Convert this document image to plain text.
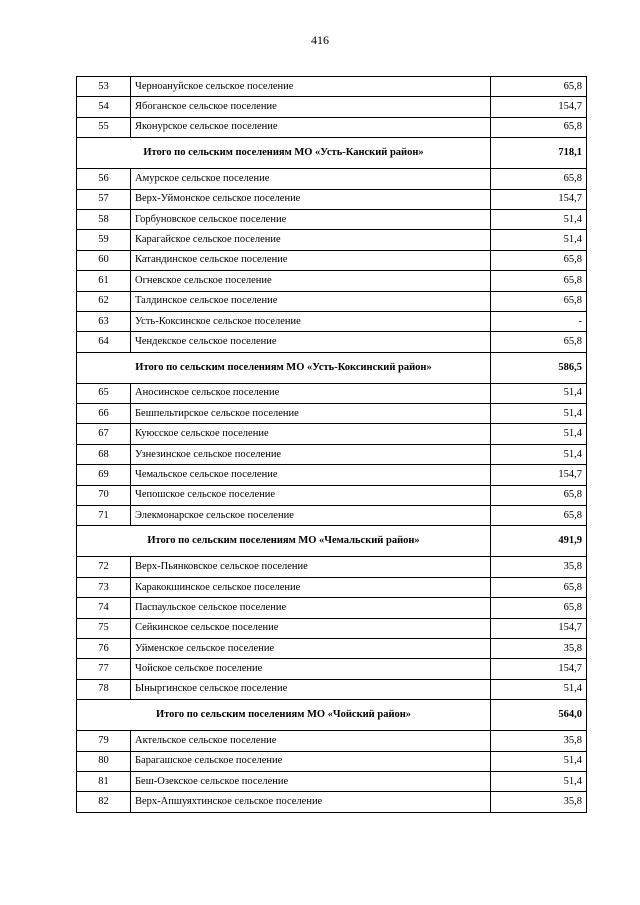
416
53	Черноануйское сельское поселение	65,8
54	Ябоганское сельское поселение	154,7
55	Яконурское сельское поселение	65,8
Итого по сельским поселениям МО «Усть-Канский район»		718,1
56	Амурское сельское поселение	65,8
57	Верх-Уймонское сельское поселение	154,7
58	Горбуновское сельское поселение	51,4
59	Карагайское сельское поселение	51,4
60	Катандинское сельское поселение	65,8
61	Огневское сельское поселение	65,8
62	Талдинское сельское поселение	65,8
63	Усть-Коксинское сельское поселение	-
64	Чендекское сельское поселение	65,8
Итого по сельским поселениям МО «Усть-Коксинский район»		586,5
65	Аносинское сельское поселение	51,4
66	Бешпельтирское сельское поселение	51,4
67	Куюсское сельское поселение	51,4
68	Узнезинское сельское поселение	51,4
69	Чемальское сельское поселение	154,7
70	Чепошское сельское поселение	65,8
71	Элекмонарское сельское поселение	65,8
Итого по сельским поселениям МО «Чемальский район»		491,9
72	Верх-Пьянковское сельское поселение	35,8
73	Каракокшинское сельское поселение	65,8
74	Паспаульское сельское поселение	65,8
75	Сейкинское сельское поселение	154,7
76	Уйменское сельское поселение	35,8
77	Чойское сельское поселение	154,7
78	Ыныргинское сельское поселение	51,4
Итого по сельским поселениям МО «Чойский район»		564,0
79	Актельское сельское поселение	35,8
80	Барагашское сельское поселение	51,4
81	Беш-Озекское сельское поселение	51,4
82	Верх-Апшуяхтинское сельское поселение	35,8
